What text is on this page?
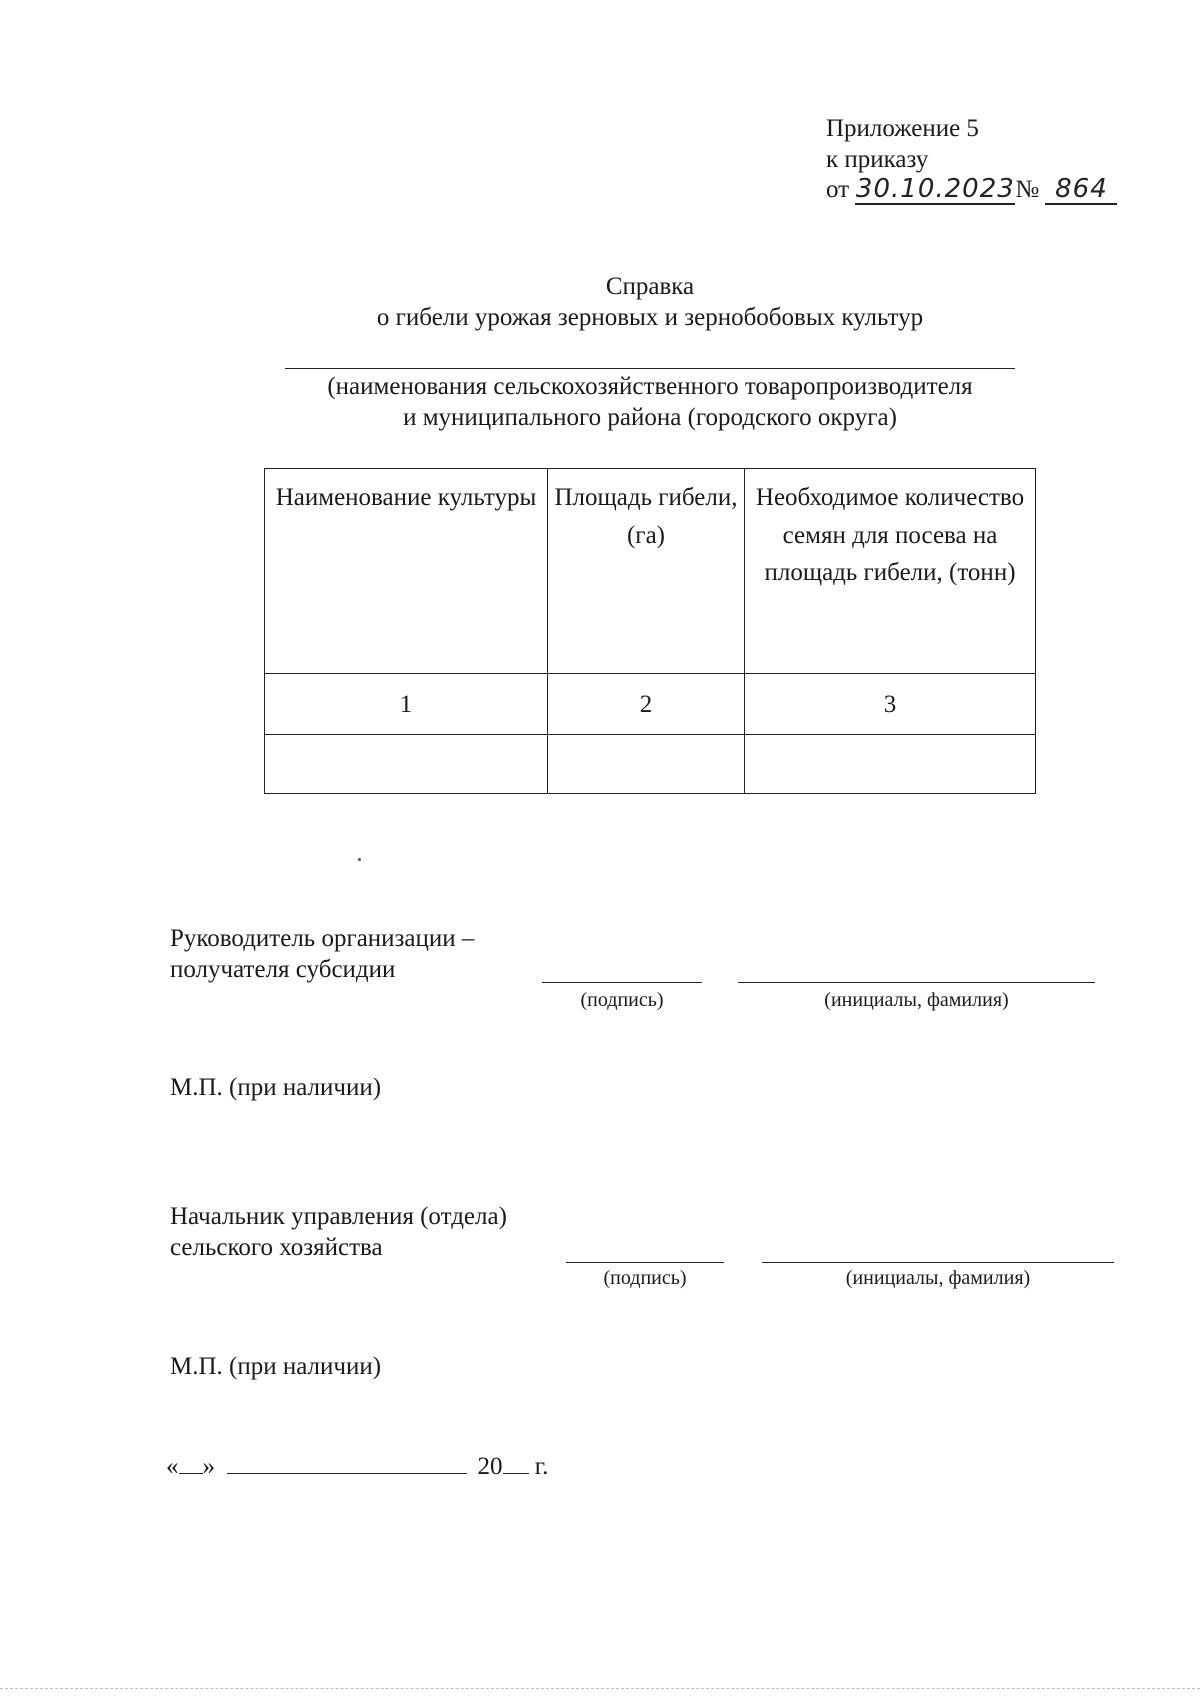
Приложение 5
к приказу
от 30.10.2023№ 864
Справка
о гибели урожая зерновых и зернобобовых культур
(наименования сельскохозяйственного товаропроизводителя
и муниципального района (городского округа)
Наименование культуры	Площадь гибели, (га)	Необходимое количество семян для посева на площадь гибели, (тонн)
1	2	3

Руководитель организации –
получателя субсидии
(подпись)	(инициалы, фамилия)
М.П. (при наличии)
Начальник управления (отдела)
сельского хозяйства
(подпись)	(инициалы, фамилия)
М.П. (при наличии)
« »	20 г.
